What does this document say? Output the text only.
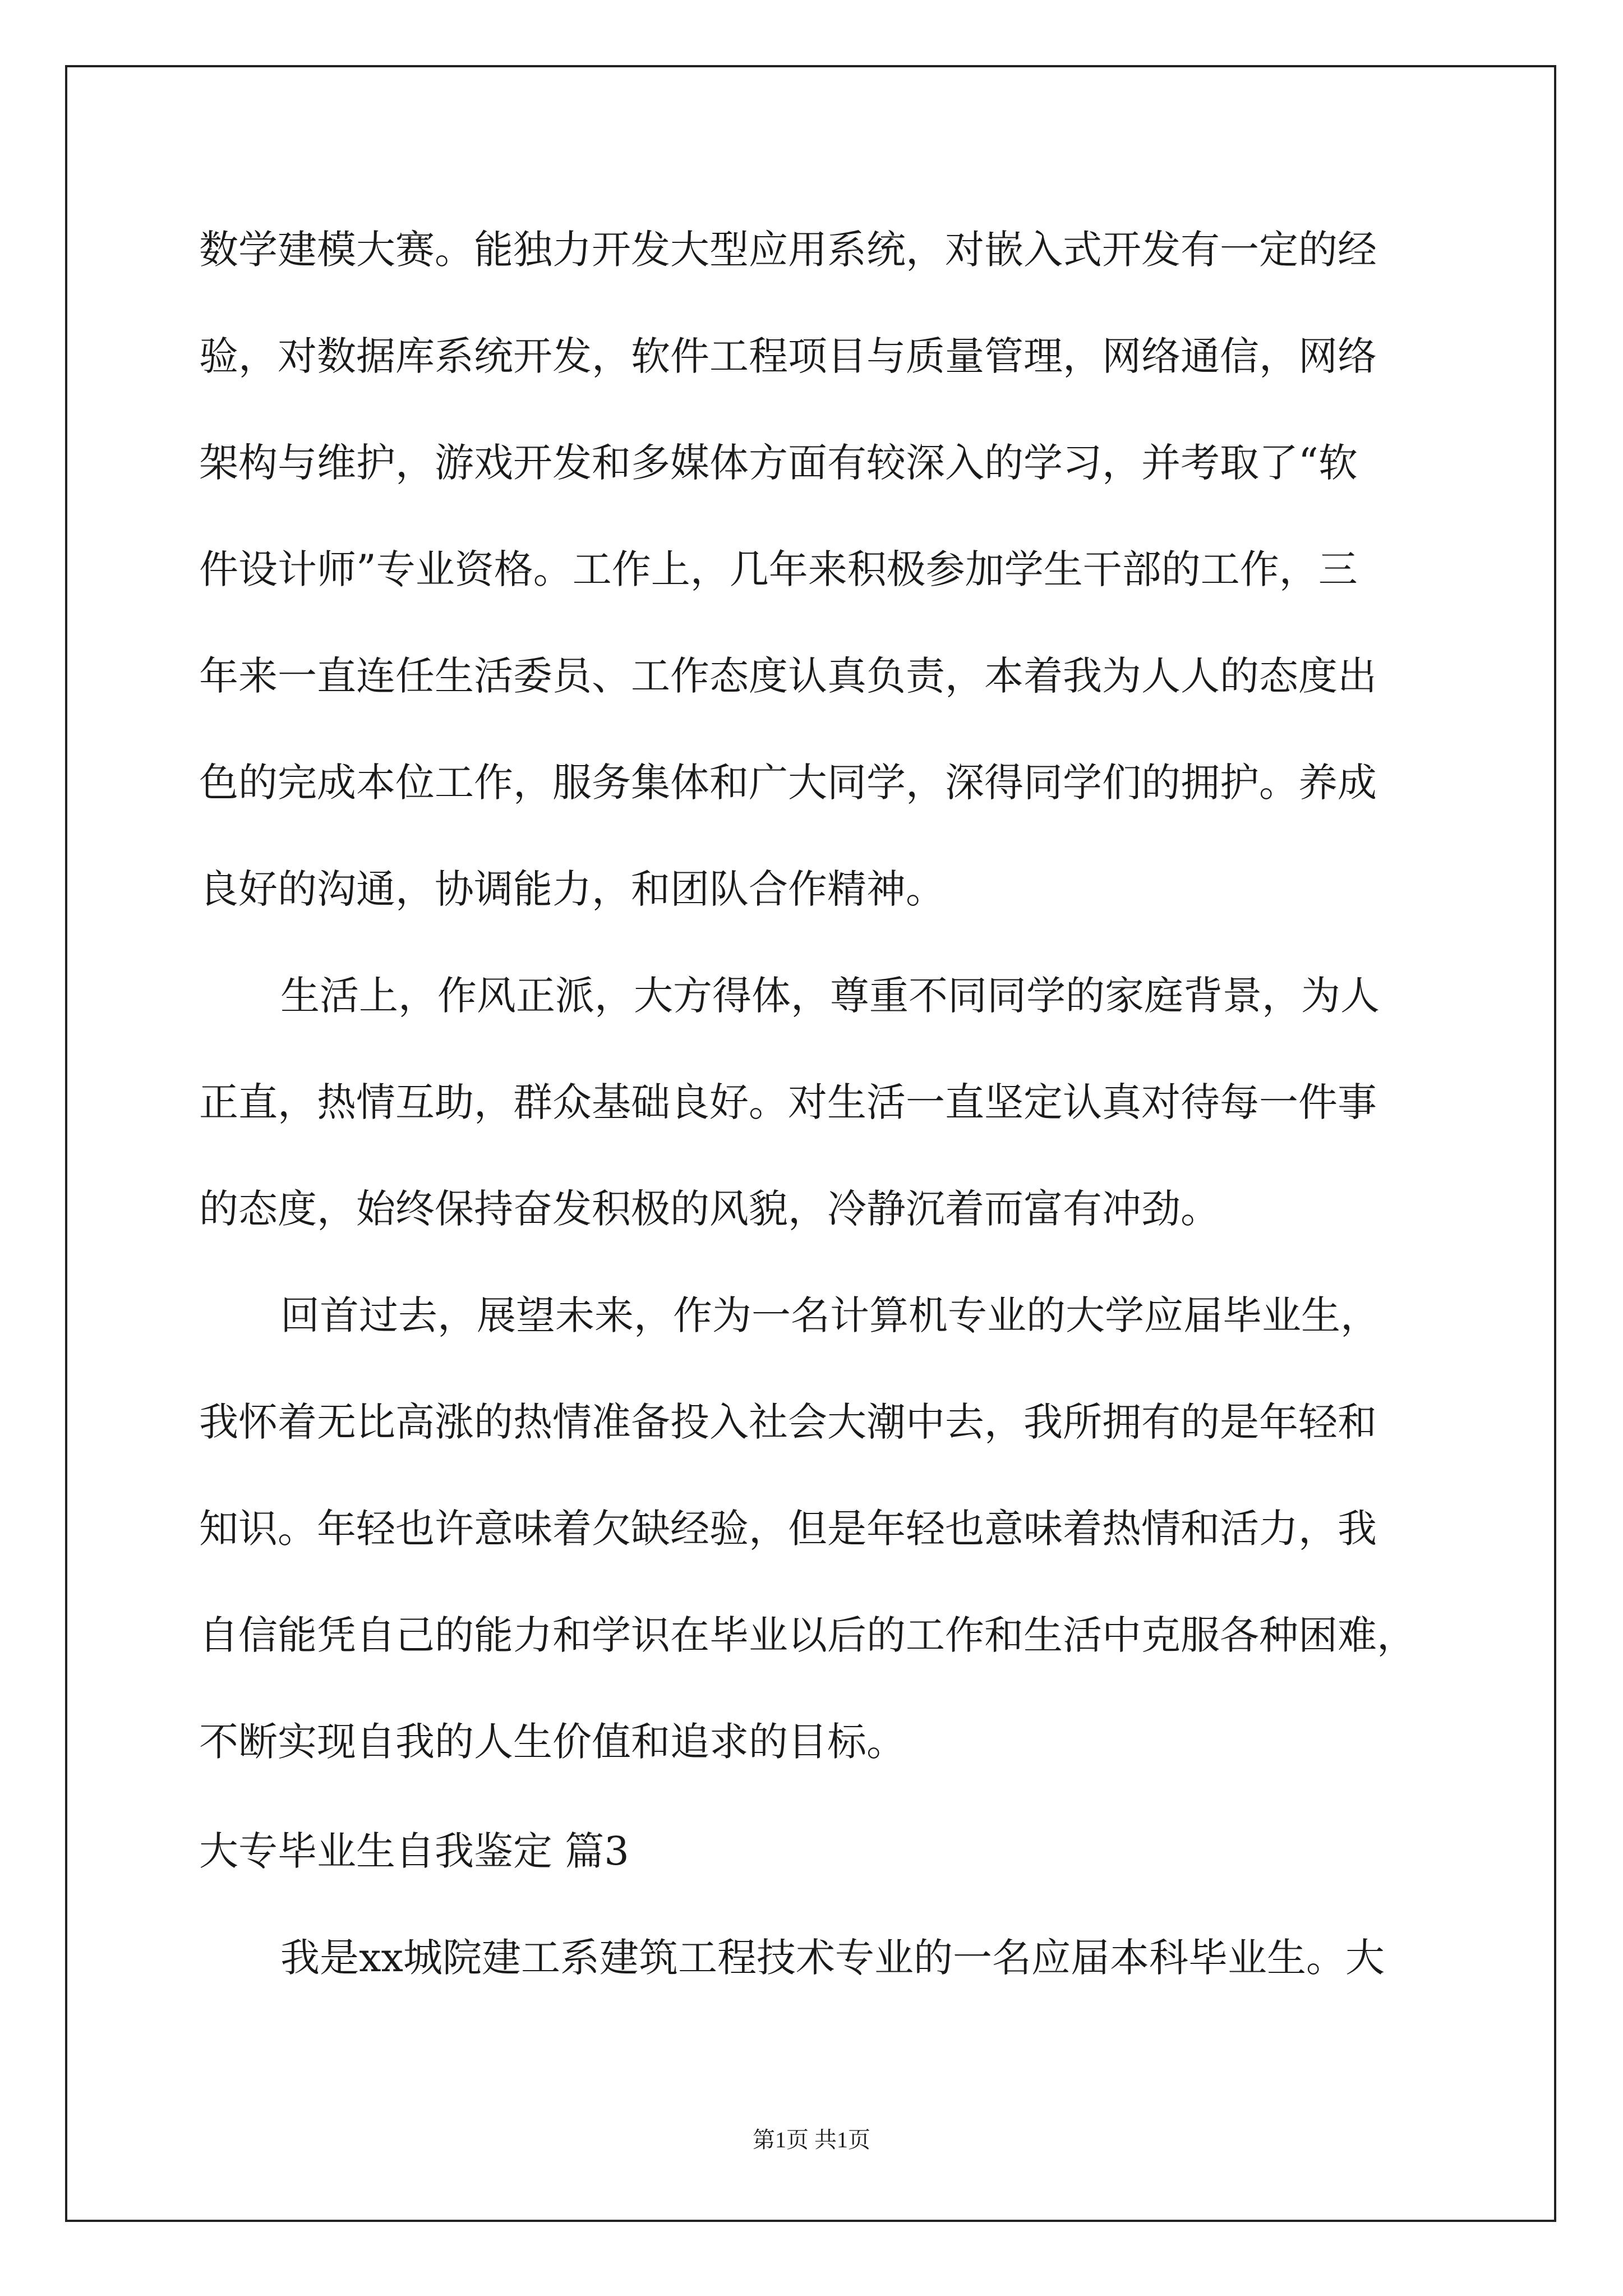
数学建模大赛。能独力开发大型应用系统，对嵌入式开发有一定的经
验，对数据库系统开发，软件工程项目与质量管理，网络通信，网络
架构与维护，游戏开发和多媒体方面有较深入的学习，并考取了“软
件设计师”专业资格。工作上，几年来积极参加学生干部的工作，三
年来一直连任生活委员、工作态度认真负责，本着我为人人的态度出
色的完成本位工作，服务集体和广大同学，深得同学们的拥护。养成
良好的沟通，协调能力，和团队合作精神。
生活上，作风正派，大方得体，尊重不同同学的家庭背景，为人
正直，热情互助，群众基础良好。对生活一直坚定认真对待每一件事
的态度，始终保持奋发积极的风貌，冷静沉着而富有冲劲。
回首过去，展望未来，作为一名计算机专业的大学应届毕业生，
我怀着无比高涨的热情准备投入社会大潮中去，我所拥有的是年轻和
知识。年轻也许意味着欠缺经验，但是年轻也意味着热情和活力，我
自信能凭自己的能力和学识在毕业以后的工作和生活中克服各种困难，
不断实现自我的人生价值和追求的目标。
大专毕业生自我鉴定 篇3
我是xx城院建工系建筑工程技术专业的一名应届本科毕业生。大
第1页 共1页
